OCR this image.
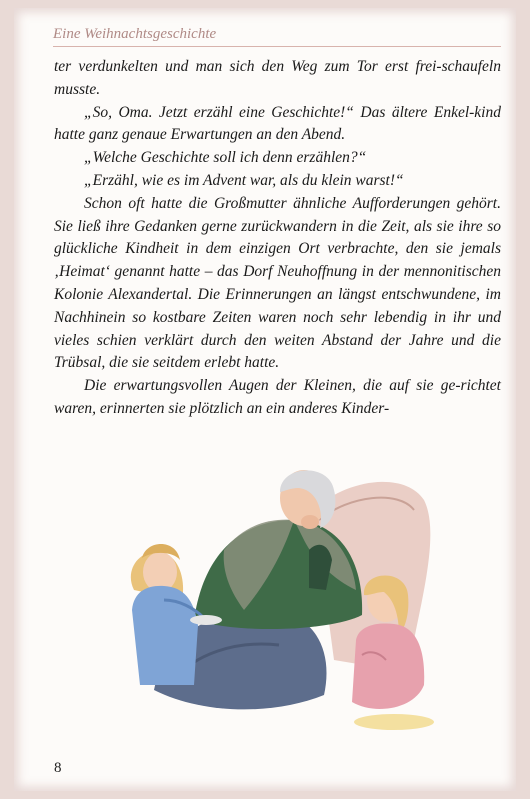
Eine Weihnachtsgeschichte

ter verdunkelten und man sich den Weg zum Tor erst frei-schaufeln musste.

„So, Oma. Jetzt erzähl eine Geschichte!“ Das ältere Enkel-kind hatte ganz genaue Erwartungen an den Abend.

„Welche Geschichte soll ich denn erzählen?“

„Erzähl, wie es im Advent war, als du klein warst!“

Schon oft hatte die Großmutter ähnliche Aufforderungen gehört. Sie ließ ihre Gedanken gerne zurückwandern in die Zeit, als sie ihre so glückliche Kindheit in dem einzigen Ort verbrachte, den sie jemals ‚Heimat‘ genannt hatte – das Dorf Neuhoffnung in der mennonitischen Kolonie Alexandertal. Die Erinnerungen an längst entschwundene, im Nachhinein so kostbare Zeiten waren noch sehr lebendig in ihr und vieles schien verklärt durch den weiten Abstand der Jahre und die Trübsal, die sie seitdem erlebt hatte.

Die erwartungsvollen Augen der Kleinen, die auf sie ge-richtet waren, erinnerten sie plötzlich an ein anderes Kinder-

8
